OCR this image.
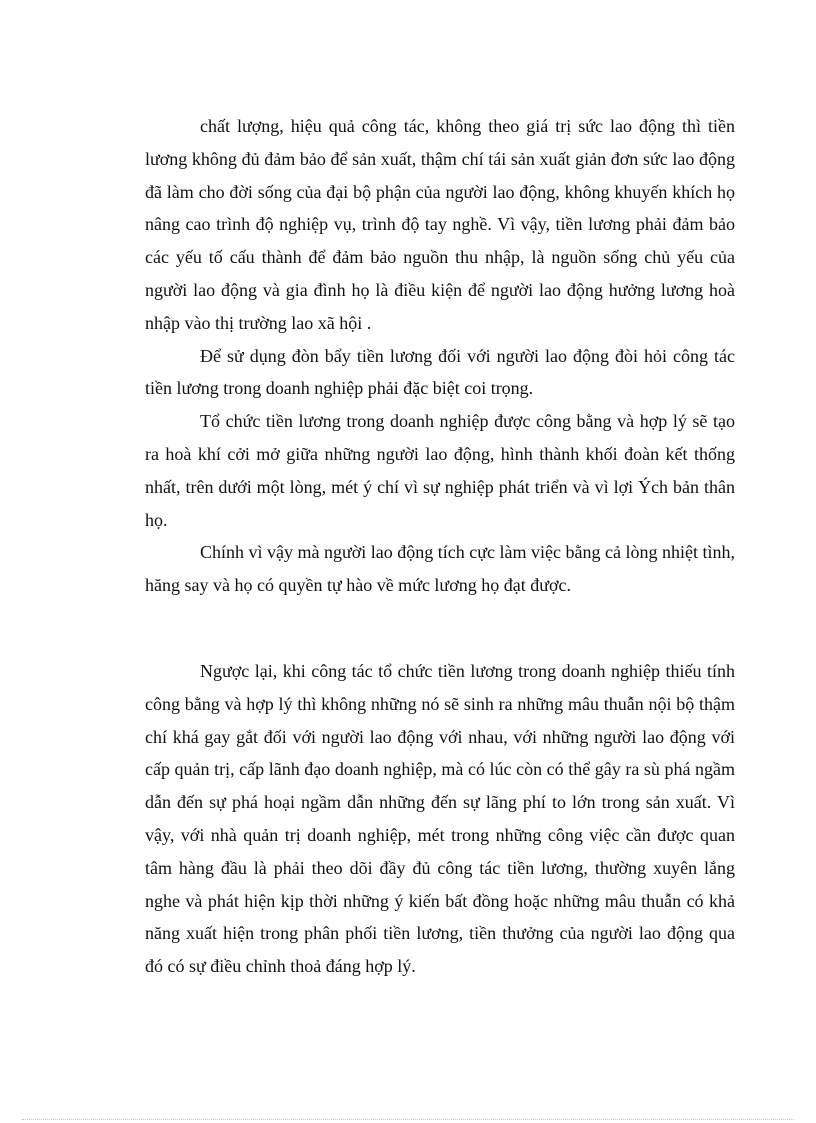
chất lượng, hiệu quả công tác, không theo giá trị sức lao động thì tiền lương không đủ đảm bảo để sản xuất, thậm chí tái sản xuất giản đơn sức lao động đã làm cho đời sống của đại bộ phận của người lao động, không khuyến khích họ nâng cao trình độ nghiệp vụ, trình độ tay nghề. Vì vậy, tiền lương phải đảm bảo các yếu tố cấu thành để đảm bảo nguồn thu nhập, là nguồn sống chủ yếu của người lao động và gia đình họ là điều kiện để người lao động hưởng lương hoà nhập vào thị trường lao xã hội .

Để sử dụng đòn bẩy tiền lương đối với người lao động đòi hỏi công tác tiền lương trong doanh nghiệp phải đặc biệt coi trọng.

Tổ chức tiền lương trong doanh nghiệp được công bằng và hợp lý sẽ tạo ra hoà khí cởi mở giữa những người lao động, hình thành khối đoàn kết thống nhất, trên dưới một lòng, mét ý chí vì sự nghiệp phát triển và vì lợi Ých bản thân họ.

Chính vì vậy mà người lao động tích cực làm việc bằng cả lòng nhiệt tình, hăng say và họ có quyền tự hào về mức lương họ đạt được.

Ngược lại, khi công tác tổ chức tiền lương trong doanh nghiệp thiếu tính công bằng và hợp lý thì không những nó sẽ sinh ra những mâu thuẫn nội bộ thậm chí khá gay gắt đối với người lao động với nhau, với những người lao động với cấp quản trị, cấp lãnh đạo doanh nghiệp, mà có lúc còn có thể gây ra sù phá ngầm dẫn đến sự phá hoại ngầm dẫn những đến sự lãng phí to lớn trong sản xuất. Vì vậy, với nhà quản trị doanh nghiệp, mét trong những công việc cần được quan tâm hàng đầu là phải theo dõi đầy đủ công tác tiền lương, thường xuyên lắng nghe và phát hiện kịp thời những ý kiến bất đồng hoặc những mâu thuẫn có khả năng xuất hiện trong phân phối tiền lương, tiền thưởng của người lao động qua đó có sự điều chỉnh thoả đáng hợp lý.
